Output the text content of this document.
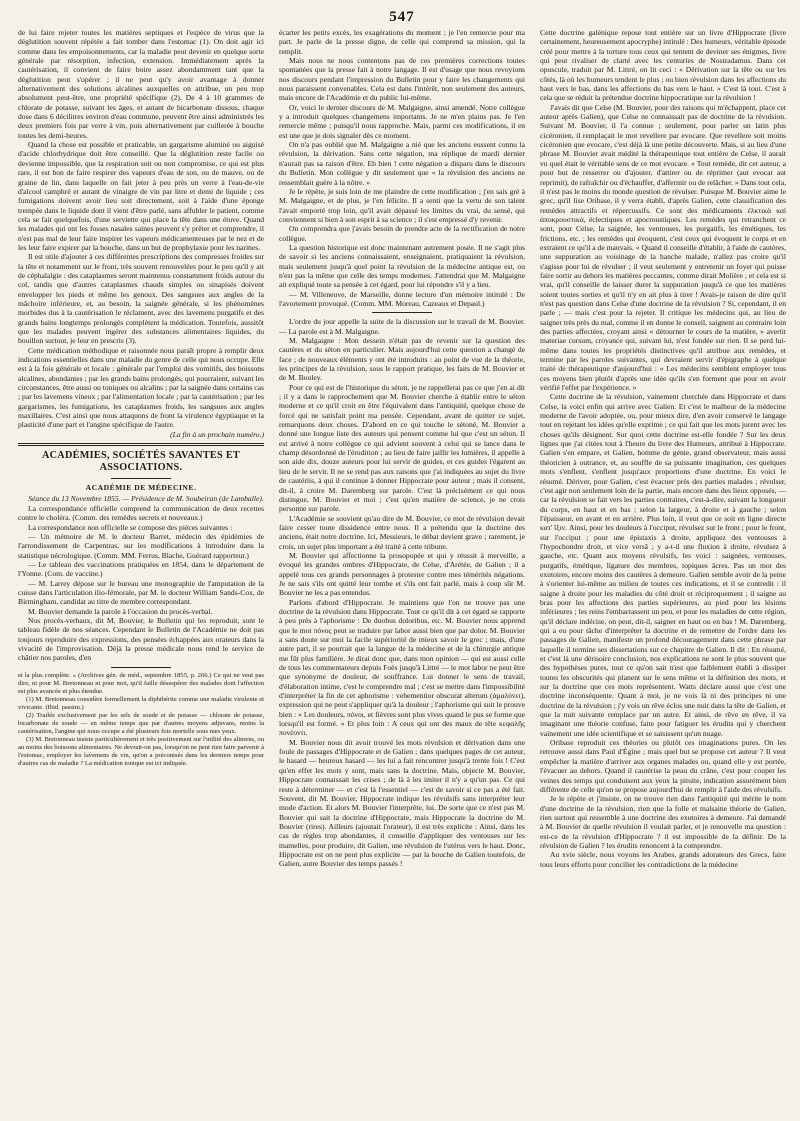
547

de lui faire rejeter toutes les matières septiques et l'espèce de virus que la déglutition souvent répétée a fait tomber dans l'estomac (1). On doit agir ici comme dans les empoisonnements, car la maladie peut devenir en quelque sorte générale par résorption, infection, extension. Immédiatement après la cautérisation, il convient de faire boire assez abondamment tant que la déglutition peut s'opérer ; il ne peut qu'y avoir avantage à donner alternativement des solutions alcalines auxquelles on attribue, un peu trop absolument peut-être, une propriété spécifique (2). De 4 à 10 grammes de chlorate de potasse, suivant les âges, et autant de bicarbonate dissous, chaque dose dans 6 décilitres environ d'eau commune, peuvent être ainsi administrés les deux premiers fois par verre à vin, puis alternativement par cuillerée à bouche toutes les demi-heures.

Quand la chose est possible et praticable, un gargarisme aluminé ou aiguisé d'acide chlorhydrique doit être conseillé. Que la déglutition reste facile ou devienne impossible, que la respiration soit ou non compromise, ce qui est plus rare, il est bon de faire respirer des vapeurs d'eau de son, ou de mauve, ou de graine de lin, dans laquelle on fait jeter à peu près un verre à l'eau-de-vie d'alcool camphré et autant de vinaigre de vin par litre et demi de liquide ; ces fumigations doivent avoir lieu soit directement, soit à l'aide d'une éponge trempée dans le liquide dont il vient d'être parlé, sans affubler le patient, comme cela se fait quelquefois, d'une serviette qui place la tête dans une étuve. Quand les malades qui ont les fosses nasales saines peuvent s'y prêter et comprendre, il n'est pas mal de leur faire inspirer les vapeurs médicamenteuses par le nez et de les leur faire expirer par la bouche, dans un but de prophylaxie pour les narines.

Il est utile d'ajouter à ces différentes prescriptions des compresses froides sur la tête et notamment sur le front, très souvent renouvelées pour le peu qu'il y ait de céphalalgie : des cataplasmes seront maintenus constamment froids autour du col, tandis que d'autres cataplasmes chauds simples ou sinapisés doivent envelopper les pieds et même les genoux. Des sangsues aux angles de la mâchoire inférieure, et, au besoin, la saignée générale, si les phénomènes morbides dus à la cautérisation le réclament, avec des lavemens purgatifs et des grands bains longtemps prolongés complètent la médication. Toutefois, aussitôt que les malades peuvent ingérer des substances alimentaires liquides, du bouillon surtout, je leur en prescris (3).

Cette médication méthodique et raisonnée nous paraît propre à remplir deux indications essentielles dans une maladie du genre de celle qui nous occupe. Elle est à la fois générale et locale : générale par l'emploi des vomitifs, des boissons alcalines, abondantes ; par les grands bains prolongés, qui pourraient, suivant les circonstances, être aussi ou toniques ou alcalins ; par la saignée dans certains cas ; par les lavemens vineux ; par l'alimentation locale ; par la cautérisation ; par les gargarismes, les fumigations, les cataplasmes froids, les sangsues aux angles maxillaires. C'est ainsi que nous attaquons de front la virulence égyptiaque et la plasticité d'une part et l'angine spécifique de l'autre.

(La fin à un prochain numéro.)

ACADÉMIES, SOCIÉTÉS SAVANTES ET ASSOCIATIONS.
ACADÉMIE DE MÉDECINE.

Séance du 13 Novembre 1855. — Présidence de M. Soubeiran (de Lamballe).

La correspondance officielle comprend la communication de deux recettes contre le choléra. (Comm. des remèdes secrets et nouveaux.)

La correspondance non officielle se compose des pièces suivantes :

— Un mémoire de M. le docteur Barret, médecin des épidémies de l'arrondissement de Carpentras, sur les modifications à introduire dans la statistique nécrologique. (Comm. MM. Ferrus, Blache, Guérard rapporteur.)

— Le tableau des vaccinations pratiquées en 1854, dans le département de l'Yonne. (Com. de vaccine.)

— M. Larrey dépose sur le bureau une monographie de l'amputation de la cuisse dans l'articulation ilio-fémorale, par M. le docteur William Sands-Cox, de Birmingham, candidat au titre de membre correspondant.

M. Bouvier demande la parole à l'occasion du procès-verbal.

Nos procès-verbaux, dit M. Bouvier, le Bulletin qui les reproduit, sont le tableau fidèle de nos séances. Cependant le Bulletin de l'Académie ne doit pas toujours reproduire des expressions, des pensées échappées aux orateurs dans la vivacité de l'improvisation. Déjà la presse médicale nous rend le service de châtier nos paroles, d'en

et la plus complète. » (Archives gén. de méd., septembre 1855, p. 266.) Ce qui ne veut pas dire, ni pour M. Bretonneau ni pour moi, qu'il faille désespérer des malades dont l'affection est plus avancée et plus étendue.

(1) M. Bretonneau considère formellement la diphthérite comme une maladie virulente et vivicante. (Ibid. passim.)

(2) Trailée exclusivement par les sels de soude et de potasse — chlorate de potasse, bicarbonate de soude — en même temps que par d'autres moyens adjuvans, moins la cautérisation, l'angine qui nous occupe a été plusieurs fois mortelle sous mes yeux.

(3) M. Bretonneau insiste particulièrement et très positivement sur l'utilité des alimens, ou au moins des boissons alimentaires. Ne devrait-on pas, lorsqu'on ne peut rien faire parvenir à l'estomac, employer les lavemens de vin, qu'on a préconisés dans les derniers temps pour d'autres cas de maladie ? La médication tonique est ici indiquée.

écarter les petits excès, les exagérations du moment ; je l'en remercie pour ma part. Je parle de la presse digne, de celle qui comprend sa mission, qui la remplit.

Mais nous ne nous contentons pas de ces premières corrections toutes spontanées que la presse fait à notre langage. Il est d'usage que nous revoyions nos discours pendant l'impression du Bulletin pour y faire les changements qui nous paraissent convenables. Cela est dans l'intérêt, non seulement des auteurs, mais encore de l'Académie et du public lui-même.

Or, voici le dernier discours de M. Malgaigne, ainsi amendé. Notre collègue y a introduit quelques changemens importants. Je ne m'en plains pas. Je l'en remercie même ; puisqu'il nous rapproche. Mais, parmi ces modifications, il en est une que je dois signaler dès ce moment.

On n'a pas oublié que M. Malgaigne a nié que les anciens eussent connu la révulsion, la dérivation. Sans cette négation, ma réplique de mardi dernier n'aurait pas sa raison d'être. Eh bien ! cette négation a disparu dans le discours du Bulletin. Mon collègue y dit seulement que « la révulsion des anciens ne ressemblait guère à la nôtre. »

Je le répète, je suis loin de me plaindre de cette modification ; j'en sais gré à M. Malgaigne, et de plus, je l'en félicite. Il a senti que la vertu de son talent l'avait emporté trop loin, qu'il avait dépassé les limites du vrai, du sensé, qui conviennent si bien à son esprit à sa science ; il s'est empressé d'y revenir.

On comprendra que j'avais besoin de prendre acte de la rectification de notre collègue.

La question historique est donc maintenant autrement posée. Il ne s'agit plus de savoir si les anciens connaissaient, enseignaient, pratiquaient la révulsion, mais seulement jusqu'à quel point la révulsion de la médecine antique est, ou n'est pas la même que celle des temps modernes. J'attendrai que M. Malgaigne ait expliqué toute sa pensée à cet égard, pour lui répondre s'il y a lieu.

— M. Villeneuve, de Marseille, donne lecture d'un mémoire intitulé : De l'avortement provoqué. (Comm. MM. Moreau, Cazeaux et Depaul.)

L'ordre du jour appelle la suite de la discussion sur le travail de M. Bouvier. — La parole est à M. Malgaigne.

M. Malgaigne : Mon dessein n'était pas de revenir sur la question des cautères et du séton en particulier. Mais aujourd'hui cette question a changé de face ; de nouveaux éléments y ont été introduits : au point de vue de la théorie, les principes de la révulsion, sous le rapport pratique, les faits de M. Bouvier et de M. Bouley.

Pour ce qui est de l'historique du séton, je ne rappellerai pas ce que j'en ai dit ; il y a dans le rapprochement que M. Bouvier cherche à établir entre le séton moderne et ce qu'il croit en être l'équivalent dans l'antiquité, quelque chose de forcé qui ne satisfait point ma pensée. Cependant, avant de quitter ce sujet, remarquons deux choses. D'abord en ce qui touche le sétoné, M. Bouvier a donné une longue liste des auteurs qui pensent comme lui que c'est un séton. Il est arrivé à notre collègue ce qui advient souvent à celui qui se lance dans le champ désordonné de l'érudition ; au lieu de faire jaillir les lumières, il appelle à son aide dix, douze auteurs pour lui servir de guides, et ces guides l'égarent au lieu de le servir. Il ne se rend pas aux raisons que j'ai indiquées au sujet du livre de cautériis, à qui il continue à donner Hippocrate pour auteur ; mais il consent, dit-il, à croire M. Daremberg sur parole. C'est là précisément ce qui nous distingue, M. Bouvier et moi ; c'est qu'en matière de science, je ne crois personne sur parole.

L'Académie se souvient qu'au dire de M. Bouvier, ce mot de révulsion devait faire cesser toute dissidence entre nous. Il a prétendu que la doctrine des anciens, était notre doctrine. Ici, Messieurs, le débat devient grave ; rarement, je crois, un sujet plus important a été traité à cette tribune.

M. Bouvier qui affectionne la prosopopée et qui y réussit à merveille, a évoqué les grandes ombres d'Hippocrate, de Celse, d'Arétée, de Galien ; il a appelé tous ces grands personnages à protester contre mes témérités négations. Je ne sais s'ils ont quitté leur tombe et s'ils ont fait parlé, mais à coup sûr M. Bouvier ne les a pas entendus.

Parlons d'abord d'Hippocrate. Je maintiens que l'on ne trouve pas une doctrine de la révulsion dans Hippocrate. Tout ce qu'il dit à cet égard se rapporte à peu près à l'aphorisme : De duobus doloribus, etc. M. Bouvier nous apprend que le mot πόνος peut se traduire par labor aussi bien que par dolor. M. Bouvier a sans doute sur moi la facile supériorité de mieux savoir le grec ; mais, d'une autre part, il se pourrait que la langue de la médecine et de la chirurgie antique me fût plus familière. Je dirai donc que, dans mon opinion — qui est aussi celle de tous les commentateurs depuis Foës jusqu'à Littré — le mot labor ne peut être que synonyme de douleur, de souffrance. Lui donner le sens de travail, d'élaboration intime, c'est le comprendre mal ; c'est se mettre dans l'impossibilité d'interpréter la fin de cet aphorisme : vehementior obscurat alterum (ἀμαλύνει), expression qui ne peut s'appliquer qu'à la douleur ; l'aphorisme qui suit le prouve bien : « Les douleurs, πόνοι, et fièvres sont plus vives quand le pus se forme que lorsqu'il est formé. » Et plus loin : A ceux qui ont des maux de tête κεφαλῆς πονέοντι.

M. Bouvier nous dit avoir trouvé les mots révulsion et dérivation dans une foule de passages d'Hippocrate et de Galien ; dans quelques pages de cet auteur, le hasard — heureux hasard — les lui a fait rencontrer jusqu'à trente fois ! C'est qu'en effet les mots y sont, mais sans la doctrine. Mais, objecte M. Bouvier, Hippocrate connaissait les crises ; de là à les imiter il n'y a qu'un pas. Ce qui reste à déterminer — et c'est là l'essentiel — c'est de savoir si ce pas a été fait. Souvent, dit M. Bouvier, Hippocrate indique les révulsifs sans interpréter leur mode d'action. Et alors M. Bouvier l'interprète, lui. De sorte que ce n'est pas M. Bouvier qui sait la doctrine d'Hippocrate, mais Hippocrate la doctrine de M. Bouvier (rires). Ailleurs (ajoutait l'orateur), il est très explicite : Ainsi, dans les cas de règles trop abondantes, il conseille d'appliquer des ventouses sur les mamelles, pour produire, dit Galien, une révulsion de l'utérus vers le haut. Donc, Hippocrate est on ne peut plus explicite — par la bouche de Galien toutefois, de Galien, autre Bouvier des temps passés !

Cette doctrine galénique repose tout entière sur un livre d'Hippocrate (livre certainement, heureusement apocryphe) intitulé : Des humeurs, véritable épisode créé pour mettre à la torture tous ceux qui tentent de deviner ses énigmes, livre qui peut rivaliser de clarté avec les centuries de Nostradamus. Dans cet opuscule, traduit par M. Littré, on lit ceci : « Dérivation sur la tête ou sur les côtés, là où les humeurs tendent le plus ; ou bien révulsion dans les affections du haut vers le bas, dans les affections du bas vers le haut. » C'est là tout. C'est à cela que se réduit la prétendue doctrine hippocratique sur la révulsion !

J'avais dit que Celse (M. Bouvier, pour des raisons qui m'échappent, place cet auteur après Galien), que Celse ne connaissait pas de doctrine de la révulsion. Suivant M. Bouvier, il l'a connue ; seulement, pour parler un latin plus cicéronien, il remplaçait le mot revellere par evocare. Que revellere soit moins cicéronien que evocare, c'est déjà là une petite découverte. Mais, si au lieu d'une phrase M. Bouvier avait médité la thérapeutique tout entière de Celse, il aurait vu quel était le véritable sens de ce mot evocare. « Tout remède, dit cet auteur, a pour but de resserrer ou d'ajouter, d'attirer ou de réprimer (aut evocat aut reprimit), de rafraîchir ou d'échauffer, d'affermir ou de relâcher. » Dans tout cela, il n'est pas le moins du monde question de révulser. Puisque M. Bouvier aime le grec, qu'il lise Oribase, il y verra établi, d'après Galien, cette classification des remèdes attractifs et répercussifs. Ce sont des médicaments ἑλκτικὰ καὶ ἀποκρουστικά, éclectiques et apocroustiques. Les remèdes qui retranchent ce sont, pour Celse, la saignée, les ventouses, les purgatifs, les émétiques, les frictions, etc. ; les remèdes qui évoquent, c'est ceux qui évoquent le corps et en extraient ce qu'il a de mauvais. « Quand il conseille d'établir, à l'aide de cautères, une suppuration au voisinage de la hanche malade, n'allez pas croire qu'il s'agisse pour lui de révulser ; il veut seulement y entretenir un foyer qui puisse faire sortir au dehors les matières peccantes, comme dirait Molière ; et cela est si vrai, qu'il conseille de laisser durer la suppuration jusqu'à ce que les matières soient toutes sorties et qu'il n'y en ait plus à tirer ! Avais-je raison de dire qu'il n'est pas question dans Celse d'une doctrine de la révulsion ? Si, cependant, il en parle ; — mais c'est pour la rejeter. Il critique les médecins qui, au lieu de saigner très près du mal, comme il en donne le conseil, saignent au contraire loin des parties affectées, croyant ainsi « détourner le cours de la matière, » avertit materiae cursum, croyance qui, suivant lui, n'est fondée sur rien. Il se perd lui-même dans toutes les propriétés distinctives qu'il attribue aux remèdes, et termine par les paroles suivantes, qui devraient servir d'épigraphe à quelque traité de thérapeutique d'aujourd'hui : « Les médecins semblent employer tous ces moyens bien plutôt d'après une idée qu'ils s'en forment que pour en avoir vérifié l'effet par l'expérience. »

Cette doctrine de la révulsion, vainement cherchée dans Hippocrate et dans Celse, la voici enfin qui arrive avec Galien. Et c'est le malheur de la médecine moderne de l'avoir adoptée, ou, pour mieux dire, d'en avoir conservé le langage tout en rejetant les idées qu'elle exprime ; ce qui fait que les mots jurent avec les choses qu'ils désignent. Sur quoi cette doctrine est-elle fondée ? Sur les deux lignes que j'ai citées tout à l'heure du livre des Humeurs, attribué à Hippocrate. Galien s'en empare, et Galien, homme de génie, grand observateur, mais aussi théoricien à outrance, et, au souffle de sa puissante imagination, ces quelques mots s'enflent, s'enflent jusqu'aux proportions d'une doctrine. En voici le résumé. Dériver, pour Galien, c'est évacuer près des parties malades ; révulser, c'est agir non seulement loin de la partie, mais encore dans des lieux opposés, — car la révulsion se fait vers les parties contraires, c'est-à-dire, suivant la longueur du corps, en haut et en bas ; selon la largeur, à droite et à gauche ; selon l'épaisseur, en avant et en arrière. Plus loin, il veut que ce soit en ligne directe κατ' ἴξιν. Ainsi, pour les douleurs à l'occiput, révulsez sur le front ; pour le front, sur l'occiput ; pour une épistaxis à droite, appliquez des ventouses à l'hypochondre droit, et vice versâ ; y a-t-il une fluxion à droite, révulsez à gauche, etc. Quant aux moyens révulsifs, les voici : saignées, ventouses, purgatifs, émétique, ligature des membres, topiques âcres. Pas un mot des exutoires, encore moins des cautères à demeure. Galien semble avoir de la peine à s'orienter lui-même au milieu de toutes ces indications, et il se contredit : il saigne à droite pour les maladies du côté droit et réciproquement ; il saigne au bras pour les affections des parties supérieures, au pied pour les lésions inférieures ; les reins l'embarrassent un peu, et pour les maladies de cette région, qu'il déclare indécise, on peut, dit-il, saigner en haut ou en bas ! M. Daremberg, qui a eu pour tâche d'interpréter la doctrine et de remettre de l'ordre dans les passages de Galien, manifeste un profond découragement dans cette phrase par laquelle il termine ses dissertations sur ce chapitre de Galien. Il dit : En résumé, et c'est là une dérisoire conclusion, nos explications ne sont le plus souvent que des hypothèses pures, tout ce qu'on sait n'est que faiblement établi à dissiper toutes les obscurités qui planent sur le sens même et la définition des mots, et sur la doctrine que ces mots représentent. Watts déclare aussi que c'est une doctrine inconséquente. Quant à moi, je ne vois là ni des principes ni une doctrine de la révulsion ; j'y vois un rêve éclos une nuit dans la tête de Galien, et que la nuit suivante remplace par un autre. Et ainsi, de rêve en rêve, il va imaginant une théorie confuse, faite pour fatiguer les érudits qui y cherchent vainement une idée scientifique et se saisissent qu'un nuage.

Oribase reproduit ces théories ou plutôt ces imaginations pures. On les retrouve aussi dans Paul d'Égine ; mais quel but se propose cet auteur ? Il veut empêcher la matière d'arriver aux organes malades ou, quand elle y est portée, l'évacuer au dehors. Quand il cautérise la peau du crâne, c'est pour couper les veines des temps qui conduisent aux yeux la pituite, indication assurément bien différente de celle qu'on se propose aujourd'hui de remplir à l'aide des révulsifs.

Je le répète et j'insiste, on ne trouve rien dans l'antiquité qui mérite le nom d'une doctrine de la révulsion, rien que la folle et malsaine théorie de Galien, rien surtout qui ressemble à une doctrine des exutoires à demeure. J'ai demandé à M. Bouvier de quelle révulsion il voulait parler, et je renouvelle ma question : est-ce de la révulsion d'Hippocrate ? il est impossible de la définir. De la révulsion de Galien ? les érudits renoncent à la comprendre.

Au xvie siècle, nous voyons les Arabes, grands adorateurs des Grecs, faire tous leurs efforts pour concilier les contradictions de la médecine
